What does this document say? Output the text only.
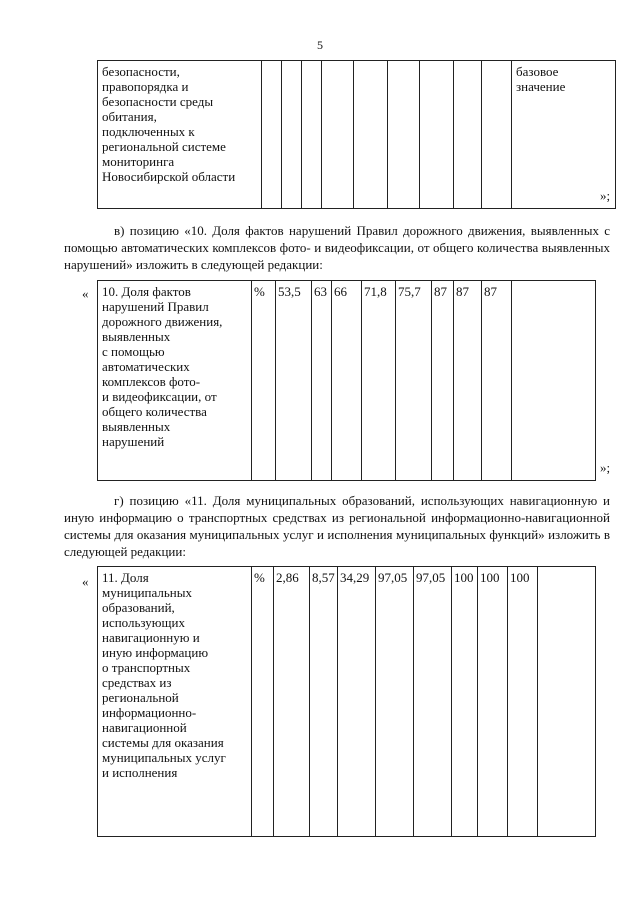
5
безопасности,
правопорядка и
безопасности среды
обитания,
подключенных к
региональной системе
мониторинга
Новосибирской области										базовое
значение
»;
в) позицию «10. Доля фактов нарушений Правил дорожного движения, выявленных с помощью автоматических комплексов фото- и видеофиксации, от общего количества выявленных нарушений» изложить в следующей редакции:
« 10. Доля фактов
нарушений Правил
дорожного движения,
выявленных
с помощью
автоматических
комплексов фото-
и видеофиксации, от
общего количества
выявленных
нарушений	%	53,5	63	66	71,8	75,7	87	87	87	
»;
г) позицию «11. Доля муниципальных образований, использующих навигационную и иную информацию о транспортных средствах из региональной информационно-навигационной системы для оказания муниципальных услуг и исполнения муниципальных функций» изложить в следующей редакции:
« 11. Доля
муниципальных
образований,
использующих
навигационную и
иную информацию
о транспортных
средствах из
региональной
информационно-
навигационной
системы для оказания
муниципальных услуг
и исполнения	%	2,86	8,57	34,29	97,05	97,05	100	100	100	
